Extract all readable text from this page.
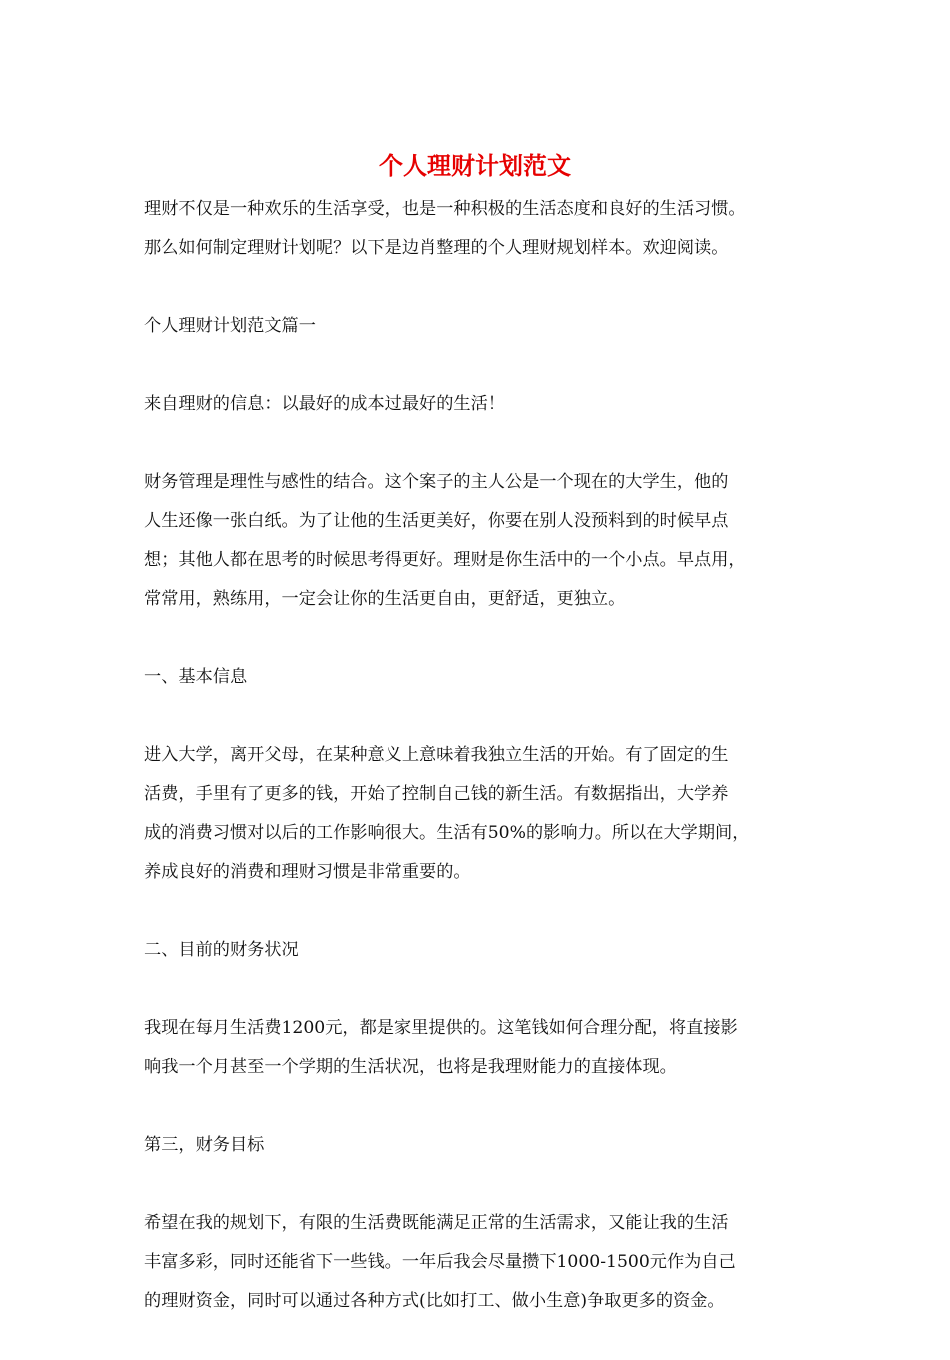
个人理财计划范文

理财不仅是一种欢乐的生活享受，也是一种积极的生活态度和良好的生活习惯。
那么如何制定理财计划呢？以下是边肖整理的个人理财规划样本。欢迎阅读。

个人理财计划范文篇一

来自理财的信息：以最好的成本过最好的生活！

财务管理是理性与感性的结合。这个案子的主人公是一个现在的大学生，他的
人生还像一张白纸。为了让他的生活更美好，你要在别人没预料到的时候早点
想；其他人都在思考的时候思考得更好。理财是你生活中的一个小点。早点用，
常常用，熟练用，一定会让你的生活更自由，更舒适，更独立。

一、基本信息

进入大学，离开父母，在某种意义上意味着我独立生活的开始。有了固定的生
活费，手里有了更多的钱，开始了控制自己钱的新生活。有数据指出，大学养
成的消费习惯对以后的工作影响很大。生活有50%的影响力。所以在大学期间，
养成良好的消费和理财习惯是非常重要的。

二、目前的财务状况

我现在每月生活费1200元，都是家里提供的。这笔钱如何合理分配，将直接影
响我一个月甚至一个学期的生活状况，也将是我理财能力的直接体现。

第三，财务目标

希望在我的规划下，有限的生活费既能满足正常的生活需求，又能让我的生活
丰富多彩，同时还能省下一些钱。一年后我会尽量攒下1000-1500元作为自己
的理财资金，同时可以通过各种方式(比如打工、做小生意)争取更多的资金。
